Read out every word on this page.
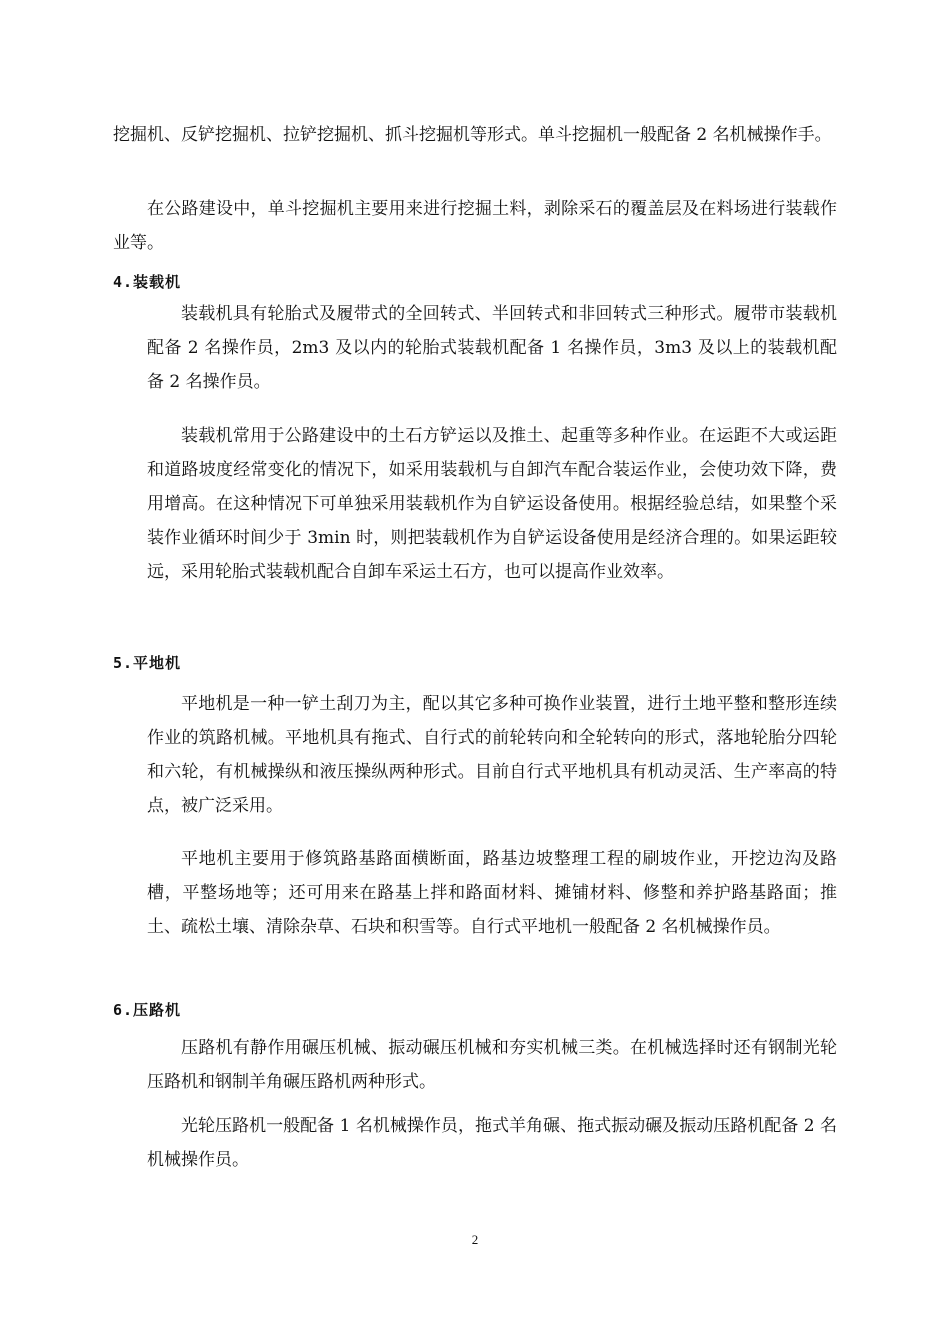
挖掘机、反铲挖掘机、拉铲挖掘机、抓斗挖掘机等形式。单斗挖掘机一般配备 2 名机械操作手。

在公路建设中，单斗挖掘机主要用来进行挖掘土料，剥除采石的覆盖层及在料场进行装载作业等。

4.装载机

装载机具有轮胎式及履带式的全回转式、半回转式和非回转式三种形式。履带市装载机配备 2 名操作员，2m3 及以内的轮胎式装载机配备 1 名操作员，3m3 及以上的装载机配备 2 名操作员。

装载机常用于公路建设中的土石方铲运以及推土、起重等多种作业。在运距不大或运距和道路坡度经常变化的情况下，如采用装载机与自卸汽车配合装运作业，会使功效下降，费用增高。在这种情况下可单独采用装载机作为自铲运设备使用。根据经验总结，如果整个采装作业循环时间少于 3min 时，则把装载机作为自铲运设备使用是经济合理的。如果运距较远，采用轮胎式装载机配合自卸车采运土石方，也可以提高作业效率。

5.平地机

平地机是一种一铲土刮刀为主，配以其它多种可换作业装置，进行土地平整和整形连续作业的筑路机械。平地机具有拖式、自行式的前轮转向和全轮转向的形式，落地轮胎分四轮和六轮，有机械操纵和液压操纵两种形式。目前自行式平地机具有机动灵活、生产率高的特点，被广泛采用。

平地机主要用于修筑路基路面横断面，路基边坡整理工程的刷坡作业，开挖边沟及路槽，平整场地等；还可用来在路基上拌和路面材料、摊铺材料、修整和养护路基路面；推土、疏松土壤、清除杂草、石块和积雪等。自行式平地机一般配备 2 名机械操作员。

6.压路机

压路机有静作用碾压机械、振动碾压机械和夯实机械三类。在机械选择时还有钢制光轮压路机和钢制羊角碾压路机两种形式。

光轮压路机一般配备 1 名机械操作员，拖式羊角碾、拖式振动碾及振动压路机配备 2 名机械操作员。

2
